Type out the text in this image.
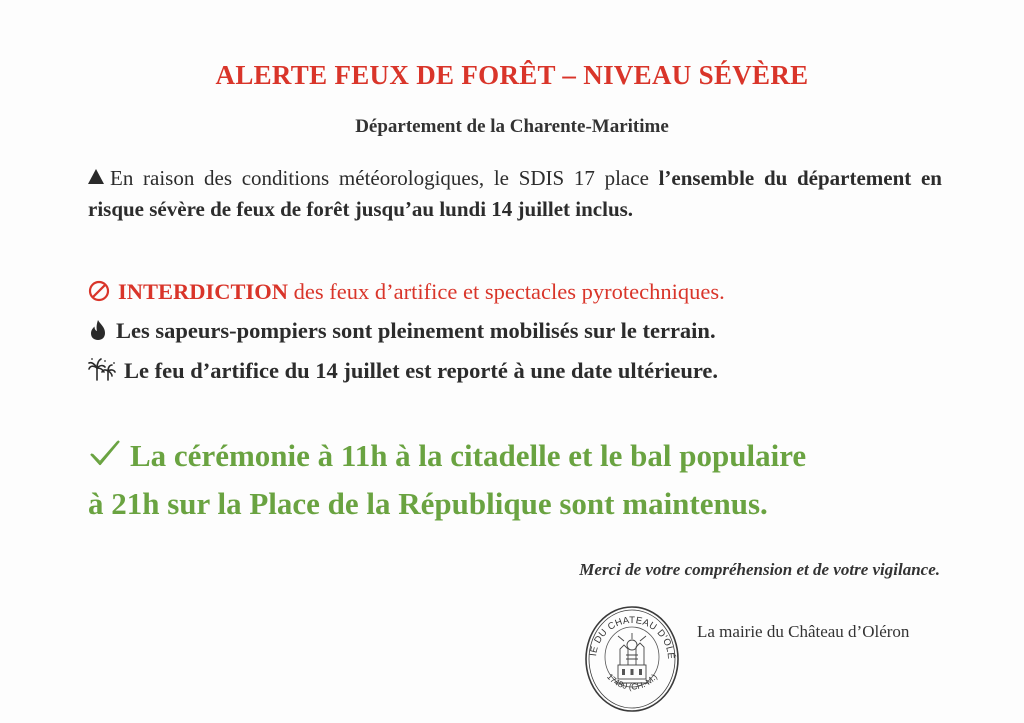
ALERTE FEUX DE FORÊT – NIVEAU SÉVÈRE
Département de la Charente-Maritime
En raison des conditions météorologiques, le SDIS 17 place l’ensemble du département en risque sévère de feux de forêt jusqu’au lundi 14 juillet inclus.
INTERDICTION des feux d’artifice et spectacles pyrotechniques.
Les sapeurs-pompiers sont pleinement mobilisés sur le terrain.
Le feu d’artifice du 14 juillet est reporté à une date ultérieure.
La cérémonie à 11h à la citadelle et le bal populaire
à 21h sur la Place de la République sont maintenus.
Merci de votre compréhension et de votre vigilance.
IE DU CHATEAU D'OLÉ
17480 (CH.-M.)
La mairie du Château d’Oléron
